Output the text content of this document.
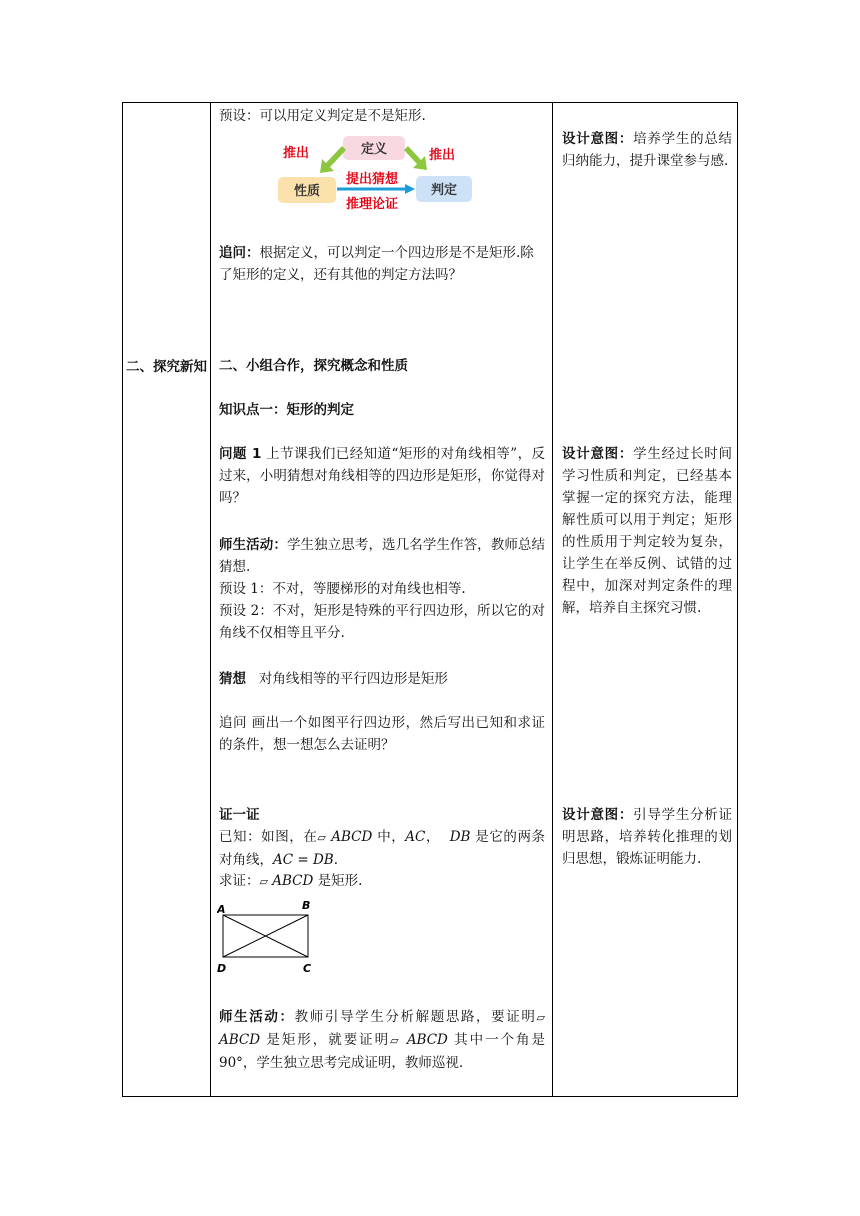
二、探究新知

预设：可以用定义判定是不是矩形.

定义
性质	判定
推出	推出
提出猜想
推理论证

追问：根据定义，可以判定一个四边形是不是矩形.除了矩形的定义，还有其他的判定方法吗？

二、小组合作，探究概念和性质

知识点一：矩形的判定

问题 1 上节课我们已经知道“矩形的对角线相等”，反过来，小明猜想对角线相等的四边形是矩形，你觉得对吗？

师生活动：学生独立思考，选几名学生作答，教师总结猜想.

预设 1：不对，等腰梯形的对角线也相等.

预设 2：不对，矩形是特殊的平行四边形，所以它的对角线不仅相等且平分.

猜想 对角线相等的平行四边形是矩形

追问 画出一个如图平行四边形，然后写出已知和求证的条件，想一想怎么去证明？

证一证

已知：如图，在▱ ABCD 中，AC，  DB 是它的两条对角线，AC = DB.

求证：▱ ABCD 是矩形.

A	B
C
D

师生活动：教师引导学生分析解题思路，要证明▱ ABCD 是矩形，就要证明▱ ABCD 其中一个角是 90°，学生独立思考完成证明，教师巡视.

设计意图：培养学生的总结归纳能力，提升课堂参与感.

设计意图：学生经过长时间学习性质和判定，已经基本掌握一定的探究方法，能理解性质可以用于判定；矩形的性质用于判定较为复杂，让学生在举反例、试错的过程中，加深对判定条件的理解，培养自主探究习惯.

设计意图：引导学生分析证明思路，培养转化推理的划归思想，锻炼证明能力.
